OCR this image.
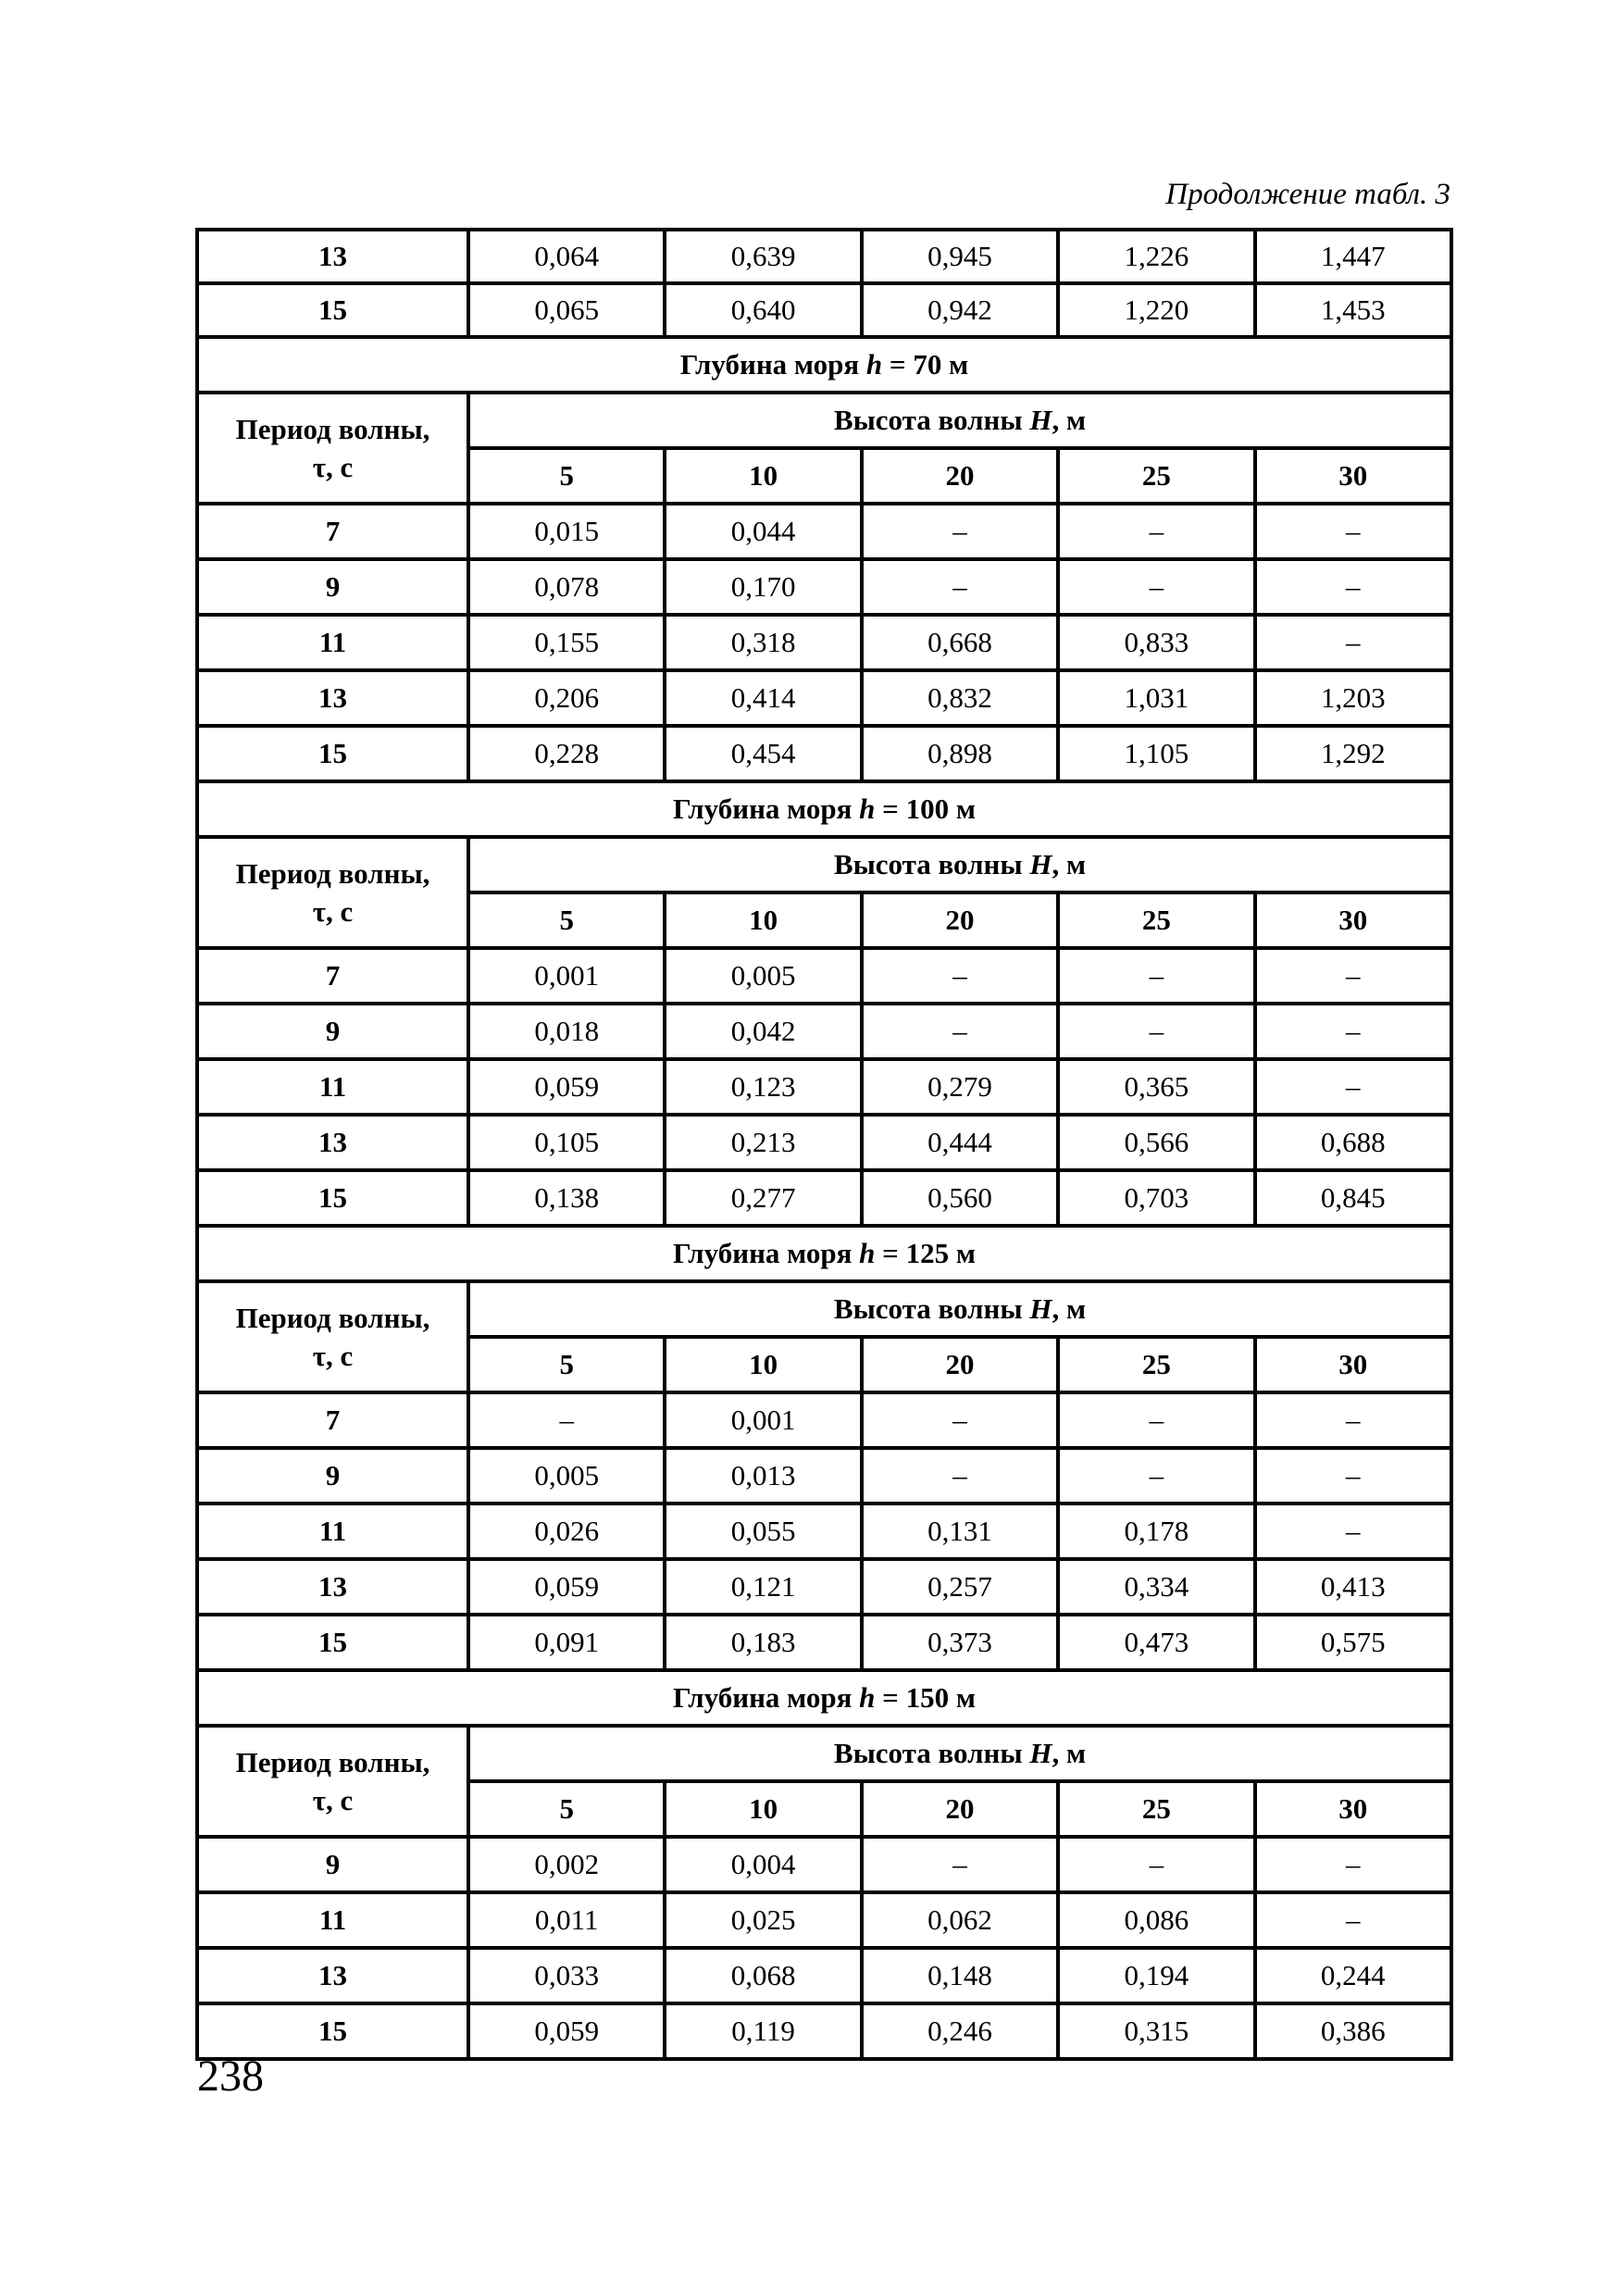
Продолжение табл. 3
13	0,064	0,639	0,945	1,226	1,447
15	0,065	0,640	0,942	1,220	1,453
Глубина моря h = 70 м					
Период волны,
τ, с	Высота волны H, м				
	5	10	20	25	30
7	0,015	0,044	–	–	–
9	0,078	0,170	–	–	–
11	0,155	0,318	0,668	0,833	–
13	0,206	0,414	0,832	1,031	1,203
15	0,228	0,454	0,898	1,105	1,292
Глубина моря h = 100 м					
Период волны,
τ, с	Высота волны H, м				
	5	10	20	25	30
7	0,001	0,005	–	–	–
9	0,018	0,042	–	–	–
11	0,059	0,123	0,279	0,365	–
13	0,105	0,213	0,444	0,566	0,688
15	0,138	0,277	0,560	0,703	0,845
Глубина моря h = 125 м					
Период волны,
τ, с	Высота волны H, м				
	5	10	20	25	30
7	–	0,001	–	–	–
9	0,005	0,013	–	–	–
11	0,026	0,055	0,131	0,178	–
13	0,059	0,121	0,257	0,334	0,413
15	0,091	0,183	0,373	0,473	0,575
Глубина моря h = 150 м					
Период волны,
τ, с	Высота волны H, м				
	5	10	20	25	30
9	0,002	0,004	–	–	–
11	0,011	0,025	0,062	0,086	–
13	0,033	0,068	0,148	0,194	0,244
15	0,059	0,119	0,246	0,315	0,386
238
